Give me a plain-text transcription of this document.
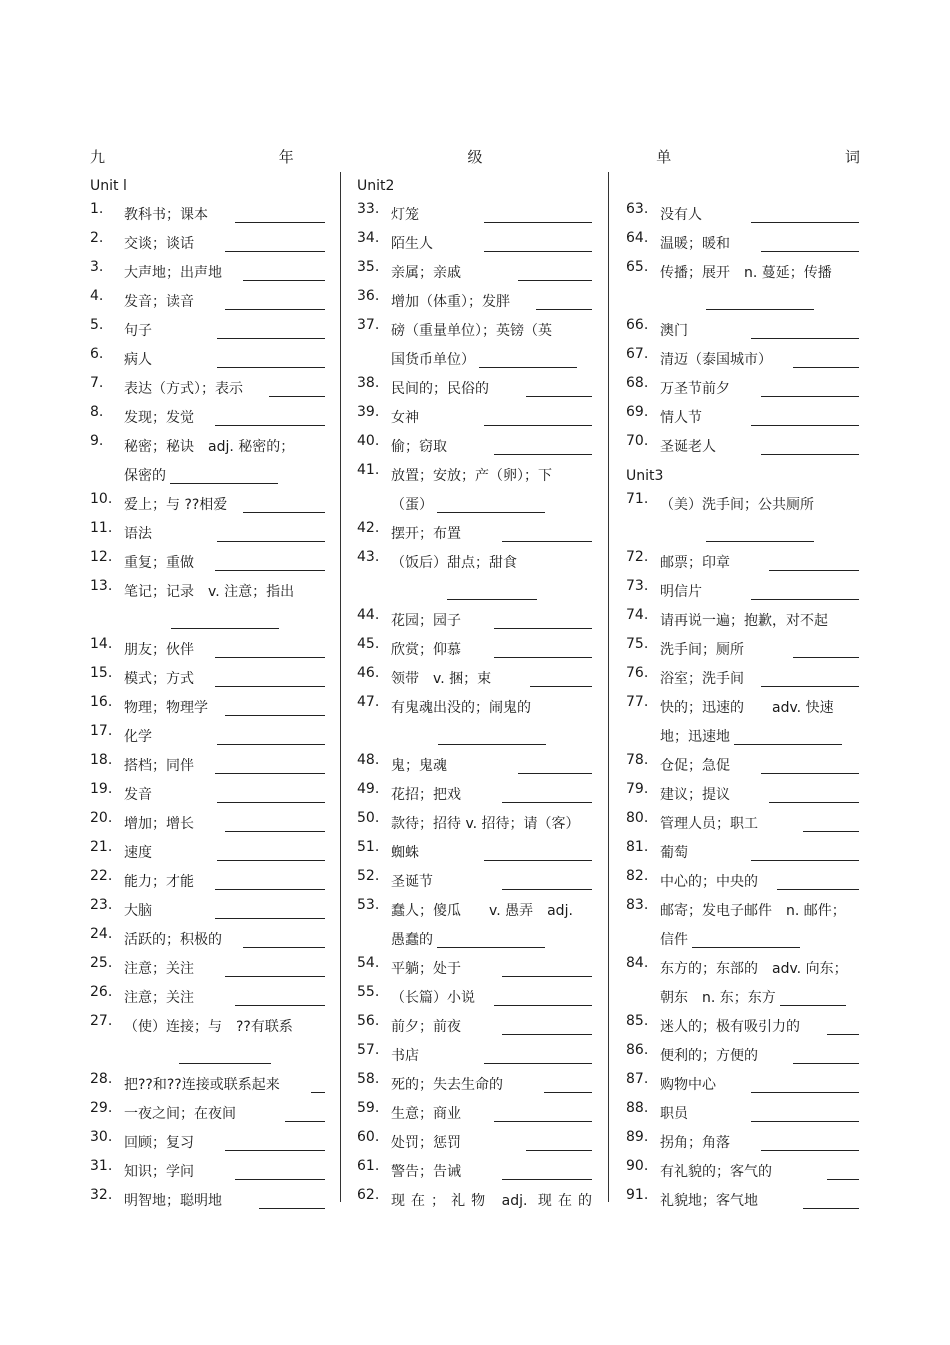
九	年	级	单	词
Unit l
1.	教科书；课本
2.	交谈；谈话
3.	大声地；出声地
4.	发音；读音
5.	句子
6.	病人
7.	表达（方式）；表示
8.	发现；发觉
9.	秘密；秘诀　adj. 秘密的；
保密的
10. 爱上；与 ??相爱
11. 语法
12. 重复；重做
13. 笔记；记录　v. 注意；指出
14. 朋友；伙伴
15. 模式；方式
16. 物理；物理学
17. 化学
18. 搭档；同伴
19. 发音
20. 增加；增长
21. 速度
22. 能力；才能
23. 大脑
24. 活跃的；积极的
25. 注意；关注
26. 注意；关注
27. （使）连接；与　??有联系
28. 把??和??连接或联系起来
29. 一夜之间；在夜间
30. 回顾；复习
31. 知识；学问
32. 明智地；聪明地
Unit2
33. 灯笼
34. 陌生人
35. 亲属；亲戚
36. 增加（体重）；发胖
37. 磅（重量单位）；英镑（英
国货币单位）
38. 民间的；民俗的
39. 女神
40. 偷；窃取
41. 放置；安放；产（卵）；下
（蛋）
42. 摆开；布置
43. （饭后）甜点；甜食
44. 花园；园子
45. 欣赏；仰慕
46. 领带　v. 捆；束
47. 有鬼魂出没的；闹鬼的
48. 鬼；鬼魂
49. 花招；把戏
50. 款待；招待 v. 招待；请（客）
51. 蜘蛛
52. 圣诞节
53. 蠢人；傻瓜　　v. 愚弄　adj.
愚蠢的
54. 平躺；处于
55. （长篇）小说
56. 前夕；前夜
57. 书店
58. 死的；失去生命的
59. 生意；商业
60. 处罚；惩罚
61. 警告；告诫
62. 现在；礼物 adj. 现在的
63. 没有人
64. 温暖；暖和
65. 传播；展开　n. 蔓延；传播
66. 澳门
67. 清迈（泰国城市）
68. 万圣节前夕
69. 情人节
70. 圣诞老人
Unit3
71. （美）洗手间；公共厕所
72. 邮票；印章
73. 明信片
74. 请再说一遍；抱歉，对不起
75. 洗手间；厕所
76. 浴室；洗手间
77. 快的；迅速的　　adv. 快速
地；迅速地
78. 仓促；急促
79. 建议；提议
80. 管理人员；职工
81. 葡萄
82. 中心的；中央的
83. 邮寄；发电子邮件　n. 邮件；
信件
84. 东方的；东部的　adv. 向东；
朝东　n. 东；东方
85. 迷人的；极有吸引力的
86. 便利的；方便的
87. 购物中心
88. 职员
89. 拐角；角落
90. 有礼貌的；客气的
91. 礼貌地；客气地
